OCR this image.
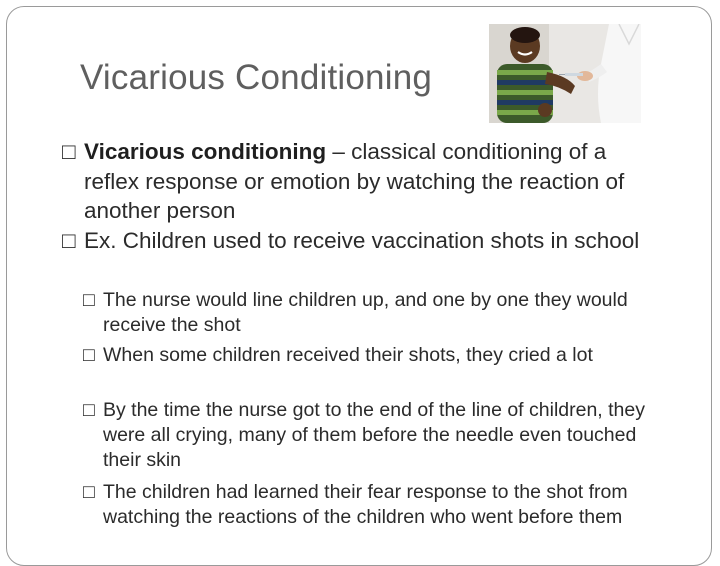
Vicarious Conditioning
□ Vicarious conditioning – classical conditioning of a reflex response or emotion by watching the reaction of another person
□ Ex. Children used to receive vaccination shots in school
□ The nurse would line children up, and one by one they would receive the shot
□ When some children received their shots, they cried a lot
□ By the time the nurse got to the end of the line of children, they were all crying, many of them before the needle even touched their skin
□ The children had learned their fear response to the shot from watching the reactions of the children who went before them
